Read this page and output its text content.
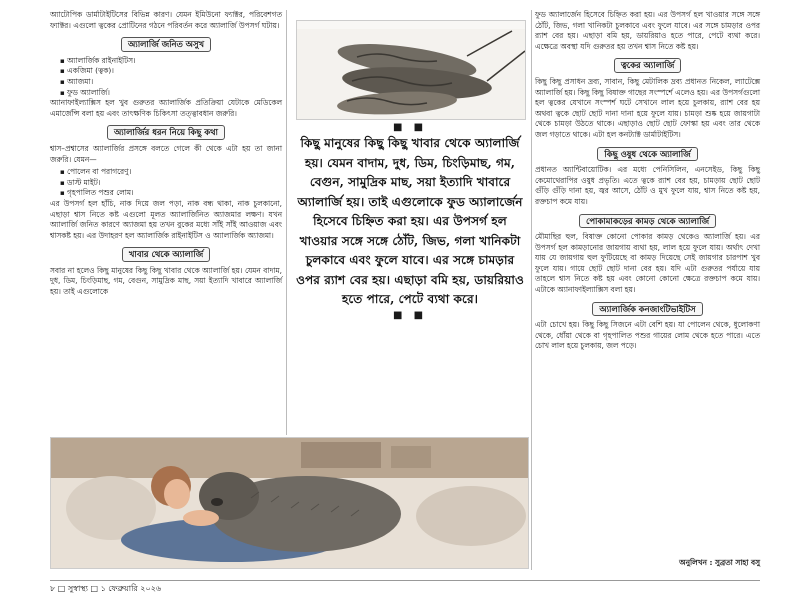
অ্যাটোপিক ডার্মাটাইটিসের বিভিন্ন কারণ। যেমন ইমিউনো ফ্যাক্টর, পরিবেশগত ফ্যাক্টর। এগুলো ত্বকের প্রোটিনের গঠনে পরিবর্তন করে অ্যালার্জি উপসর্গ ঘটায়।
অ্যালার্জি জনিত অসুখ
▪ অ্যালার্জিক রাইনাইটিস।
▪ একজিমা (ত্বক)।
▪ অ্যাজমা।
▪ ফুড অ্যালার্জি।
অ্যানাফাইল্যাক্সিস হল খুব গুরুতর অ্যালার্জিক প্রতিক্রিয়া যেটাকে মেডিকেল এমার্জেন্সি বলা হয় এবং তাৎক্ষণিক চিকিৎসা তত্ত্বাবধান জরুরি।
অ্যালার্জির ধরন নিয়ে কিছু কথা
শ্বাস–প্রশ্বাসের অ্যালার্জির প্রসঙ্গে বলতে গেলে কী থেকে এটা হয় তা জানা জরুরি। যেমন—
▪ পোলেন বা পরাগরেণু।
▪ ডাস্ট মাইট।
▪ গৃহপালিত পশুর লোম।
এর উপসর্গ হল হাঁচি, নাক দিয়ে জল পড়া, নাক বন্ধ থাকা, নাক চুলকানো, এছাড়া শ্বাস নিতে কষ্ট এগুলো মূলত অ্যালার্জিনিত অ্যাজমার লক্ষণ। যখন অ্যালার্জি জনিত কারণে অ্যাজমা হয় তখন বুকের মধ্যে সাঁই সাঁই আওয়াজ এবং শ্বাসকষ্ট হয়। এর উদাহরণ হল অ্যালার্জিক রাইনাইটিস ও অ্যালার্জিক অ্যাজমা।
খাবার থেকে অ্যালার্জি
সবার না হলেও কিছু মানুষের কিছু কিছু খাবার থেকে অ্যালার্জি হয়। যেমন বাদাম, দুধ, ডিম, চিংড়িমাছ, গম, বেগুন, সামুদ্রিক মাছ, সয়া ইত্যাদি খাবারে অ্যালার্জি হয়। তাই এগুলোকে
■ ■
কিছু মানুষের কিছু কিছু খাবার থেকে অ্যালার্জি হয়। যেমন বাদাম, দুধ, ডিম, চিংড়িমাছ, গম, বেগুন, সামুদ্রিক মাছ, সয়া ইত্যাদি খাবারে অ্যালার্জি হয়। তাই এগুলোকে ফুড অ্যালার্জেন হিসেবে চিহ্নিত করা হয়। এর উপসর্গ হল খাওয়ার সঙ্গে সঙ্গে ঠোঁট, জিভ, গলা খানিকটা চুলকাবে এবং ফুলে যাবে। এর সঙ্গে চামড়ার ওপর র‍্যাশ বের হয়। এছাড়া বমি হয়, ডায়রিয়াও হতে পারে, পেটে ব্যথা করে।
■ ■
ফুড অ্যালার্জেন হিসেবে চিহ্নিত করা হয়। এর উপসর্গ হল খাওয়ার সঙ্গে সঙ্গে ঠোঁট, জিভ, গলা খানিকটা চুলকাবে এবং ফুলে যাবে। এর সঙ্গে চামড়ার ওপর র‍্যাশ বের হয়। এছাড়া বমি হয়, ডায়রিয়াও হতে পারে, পেটে ব্যথা করে। এক্ষেত্রে অবস্থা যদি গুরুতর হয় তখন শ্বাস নিতে কষ্ট হয়।
ত্বকের অ্যালার্জি
কিছু কিছু প্রসাধন দ্রব্য, সাবান, কিছু মেটালিক দ্রব্য প্রধানত নিকেল, ল্যাটেক্সে অ্যালার্জি হয়। কিছু কিছু বিষাক্ত গাছের সংস্পর্শে এলেও হয়। এর উপসর্গগুলো হল ত্বকের যেখানে সংস্পর্শ ঘটে সেখানে লাল হয়ে চুলকায়, র‍্যাশ বের হয় অথবা ত্বকে ছোট ছোট দানা দানা হয়ে ফুলে যায়। চামড়া শুষ্ক হয়ে জায়গাটা থেকে চামড়া উঠতে থাকে। এছাড়াও ছোট ছোট ফোস্কা হয় এবং তার থেকে জল গড়াতে থাকে। এটা হল কনট্যাক্ট ডার্মাটাইটিস।
কিছু ওষুধ থেকে অ্যালার্জি
প্রধানত অ্যান্টিবায়োটিক। এর মধ্যে পেনিসিলিন, এনসেইড, কিছু কিছু কেমোথেরাপির ওষুধ প্রভৃতি। এতে ত্বকে র‍্যাশ বের হয়, চামড়ায় ছোট ছোট গুঁড়ি গুঁড়ি দানা হয়, জ্বর আসে, ঠোঁট ও মুখ ফুলে যায়, শ্বাস নিতে কষ্ট হয়, রক্তচাপ কমে যায়।
পোকামাকড়ের কামড় থেকে অ্যালার্জি
মৌমাছির হুল, বিষাক্ত কোনো পোকার কামড় থেকেও অ্যালার্জি হয়। এর উপসর্গ হল কামড়ানোর জায়গায় ব্যথা হয়, লাল হয়ে ফুলে যায়। অর্থাৎ দেখা যায় যে জায়গায় হুল ফুটিয়েছে বা কামড় দিয়েছে সেই জায়গার চারপাশ খুব ফুলে যায়। গায়ে ছোট ছোট দানা বের হয়। যদি এটা গুরুতর পর্যায়ে যায় তাহলে শ্বাস নিতে কষ্ট হয় এবং কোনো কোনো ক্ষেত্রে রক্তচাপ কমে যায়। এটাকে অ্যানাফাইল্যাক্সিস বলা হয়।
অ্যালার্জিক কনজাংটিভাইটিস
এটা চোখে হয়। কিছু কিছু সিজনে এটা বেশি হয়। যা পোলেন থেকে, ধুলোকণা থেকে, ধোঁয়া থেকে বা গৃহপালিত পশুর গায়ের লোম থেকে হতে পারে। এতে চোখ লাল হয়ে চুলকায়, জল পড়ে।
অনুলিখন : সুব্রতা সাহা বসু
৮ □ সুস্বাস্থ্য □ ১ ফেব্রুয়ারি ২০২৬
